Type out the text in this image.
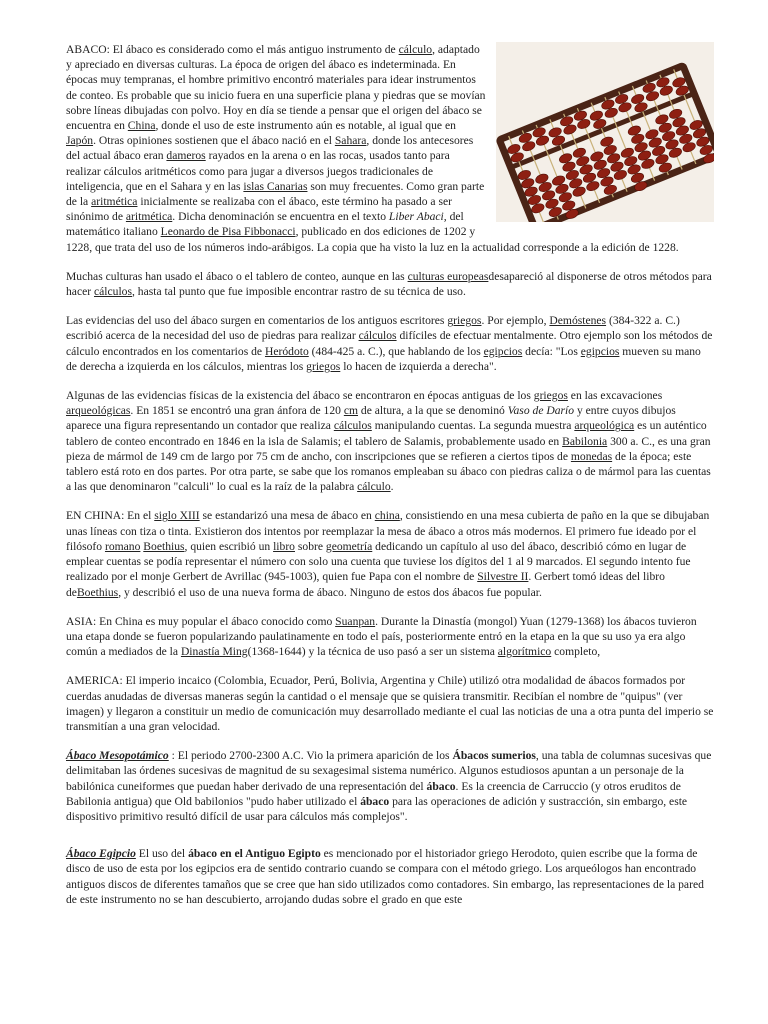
ABACO: El ábaco es considerado como el más antiguo instrumento de cálculo, adaptado y apreciado en diversas culturas. La época de origen del ábaco es indeterminada. En épocas muy tempranas, el hombre primitivo encontró materiales para idear instrumentos de conteo. Es probable que su inicio fuera en una superficie plana y piedras que se movían sobre líneas dibujadas con polvo. Hoy en día se tiende a pensar que el origen del ábaco se encuentra en China, donde el uso de este instrumento aún es notable, al igual que en Japón. Otras opiniones sostienen que el ábaco nació en el Sahara, donde los antecesores del actual ábaco eran dameros rayados en la arena o en las rocas, usados tanto para realizar cálculos aritméticos como para jugar a diversos juegos tradicionales de inteligencia, que en el Sahara y en las islas Canarias son muy frecuentes. Como gran parte de la aritmética inicialmente se realizaba con el ábaco, este término ha pasado a ser sinónimo de aritmética. Dicha denominación se encuentra en el texto Liber Abaci, del matemático italiano Leonardo de Pisa Fibbonacci, publicado en dos ediciones de 1202 y 1228, que trata del uso de los números indo-arábigos. La copia que ha visto la luz en la actualidad corresponde a la edición de 1228.

Muchas culturas han usado el ábaco o el tablero de conteo, aunque en las culturas europeasdesapareció al disponerse de otros métodos para hacer cálculos, hasta tal punto que fue imposible encontrar rastro de su técnica de uso.

Las evidencias del uso del ábaco surgen en comentarios de los antiguos escritores griegos. Por ejemplo, Demóstenes (384-322 a. C.) escribió acerca de la necesidad del uso de piedras para realizar cálculos difíciles de efectuar mentalmente. Otro ejemplo son los métodos de cálculo encontrados en los comentarios de Heródoto (484-425 a. C.), que hablando de los egipcios decía: "Los egipcios mueven su mano de derecha a izquierda en los cálculos, mientras los griegos lo hacen de izquierda a derecha".

Algunas de las evidencias físicas de la existencia del ábaco se encontraron en épocas antiguas de los griegos en las excavaciones arqueológicas. En 1851 se encontró una gran ánfora de 120 cm de altura, a la que se denominó Vaso de Darío y entre cuyos dibujos aparece una figura representando un contador que realiza cálculos manipulando cuentas. La segunda muestra arqueológica es un auténtico tablero de conteo encontrado en 1846 en la isla de Salamis; el tablero de Salamis, probablemente usado en Babilonia 300 a. C., es una gran pieza de mármol de 149 cm de largo por 75 cm de ancho, con inscripciones que se refieren a ciertos tipos de monedas de la época; este tablero está roto en dos partes. Por otra parte, se sabe que los romanos empleaban su ábaco con piedras caliza o de mármol para las cuentas a las que denominaron "calculi" lo cual es la raíz de la palabra cálculo.

EN CHINA: En el siglo XIII se estandarizó una mesa de ábaco en china, consistiendo en una mesa cubierta de paño en la que se dibujaban unas líneas con tiza o tinta. Existieron dos intentos por reemplazar la mesa de ábaco a otros más modernos. El primero fue ideado por el filósofo romano Boethius, quien escribió un libro sobre geometría dedicando un capítulo al uso del ábaco, describió cómo en lugar de emplear cuentas se podía representar el número con solo una cuenta que tuviese los dígitos del 1 al 9 marcados. El segundo intento fue realizado por el monje Gerbert de Avrillac (945-1003), quien fue Papa con el nombre de Silvestre II. Gerbert tomó ideas del libro deBoethius, y describió el uso de una nueva forma de ábaco. Ninguno de estos dos ábacos fue popular.

ASIA: En China es muy popular el ábaco conocido como Suanpan. Durante la Dinastía (mongol) Yuan (1279-1368) los ábacos tuvieron una etapa donde se fueron popularizando paulatinamente en todo el país, posteriormente entró en la etapa en la que su uso ya era algo común a mediados de la Dinastía Ming(1368-1644) y la técnica de uso pasó a ser un sistema algorítmico completo,

AMERICA: El imperio incaico (Colombia, Ecuador, Perú, Bolivia, Argentina y Chile) utilizó otra modalidad de ábacos formados por cuerdas anudadas de diversas maneras según la cantidad o el mensaje que se quisiera transmitir. Recibían el nombre de "quipus" (ver imagen) y llegaron a constituir un medio de comunicación muy desarrollado mediante el cual las noticias de una a otra punta del imperio se transmitían a una gran velocidad.

Ábaco Mesopotámico : El periodo 2700-2300 A.C. Vio la primera aparición de los Ábacos sumerios, una tabla de columnas sucesivas que delimitaban las órdenes sucesivas de magnitud de su sexagesimal sistema numérico. Algunos estudiosos apuntan a un personaje de la babilónica cuneiformes que puedan haber derivado de una representación del ábaco. Es la creencia de Carruccio (y otros eruditos de Babilonia antigua) que Old babilonios "pudo haber utilizado el ábaco para las operaciones de adición y sustracción, sin embargo, este dispositivo primitivo resultó difícil de usar para cálculos más complejos".

Ábaco Egipcio El uso del ábaco en el Antiguo Egipto es mencionado por el historiador griego Herodoto, quien escribe que la forma de disco de uso de esta por los egipcios era de sentido contrario cuando se compara con el método griego. Los arqueólogos han encontrado antiguos discos de diferentes tamaños que se cree que han sido utilizados como contadores. Sin embargo, las representaciones de la pared de este instrumento no se han descubierto, arrojando dudas sobre el grado en que este
